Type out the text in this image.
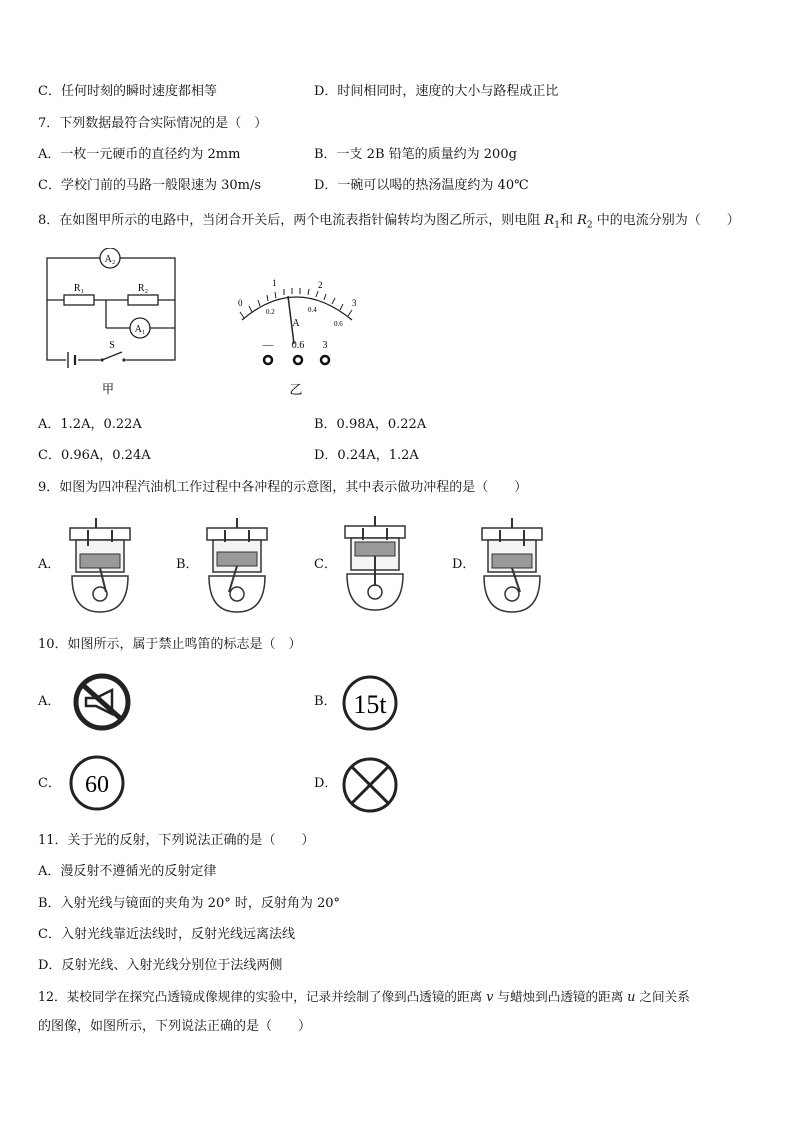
C．任何时刻的瞬时速度都相等	D．时间相同时，速度的大小与路程成正比
7．下列数据最符合实际情况的是（　）
A．一枚一元硬币的直径约为 2mm	B．一支 2B 铅笔的质量约为 200g
C．学校门前的马路一般限速为 30m/s	D．一碗可以喝的热汤温度约为 40℃
8．在如图甲所示的电路中，当闭合开关后，两个电流表指针偏转均为图乙所示，则电阻 $R_1$和 $R_2$ 中的电流分别为（　　）
A₂
R₁	R₂
A₁
S
甲
0
1	2
3
0.2	0.4
0.6
A
— 0.6 3
乙
A．1.2A，0.22A	B．0.98A，0.22A
C．0.96A，0.24A	D．0.24A，1.2A
9．如图为四冲程汽油机工作过程中各冲程的示意图，其中表示做功冲程的是（　　）
A．	B．	C．	D．
10．如图所示，属于禁止鸣笛的标志是（　）
A．	B．
C．	D．
15t
60
11．关于光的反射，下列说法正确的是（　　）
A．漫反射不遵循光的反射定律
B．入射光线与镜面的夹角为 20° 时，反射角为 20°
C．入射光线靠近法线时，反射光线远离法线
D．反射光线、入射光线分别位于法线两侧
12．某校同学在探究凸透镜成像规律的实验中，记录并绘制了像到凸透镜的距离 v 与蜡烛到凸透镜的距离 u 之间关系
的图像，如图所示，下列说法正确的是（　　）
